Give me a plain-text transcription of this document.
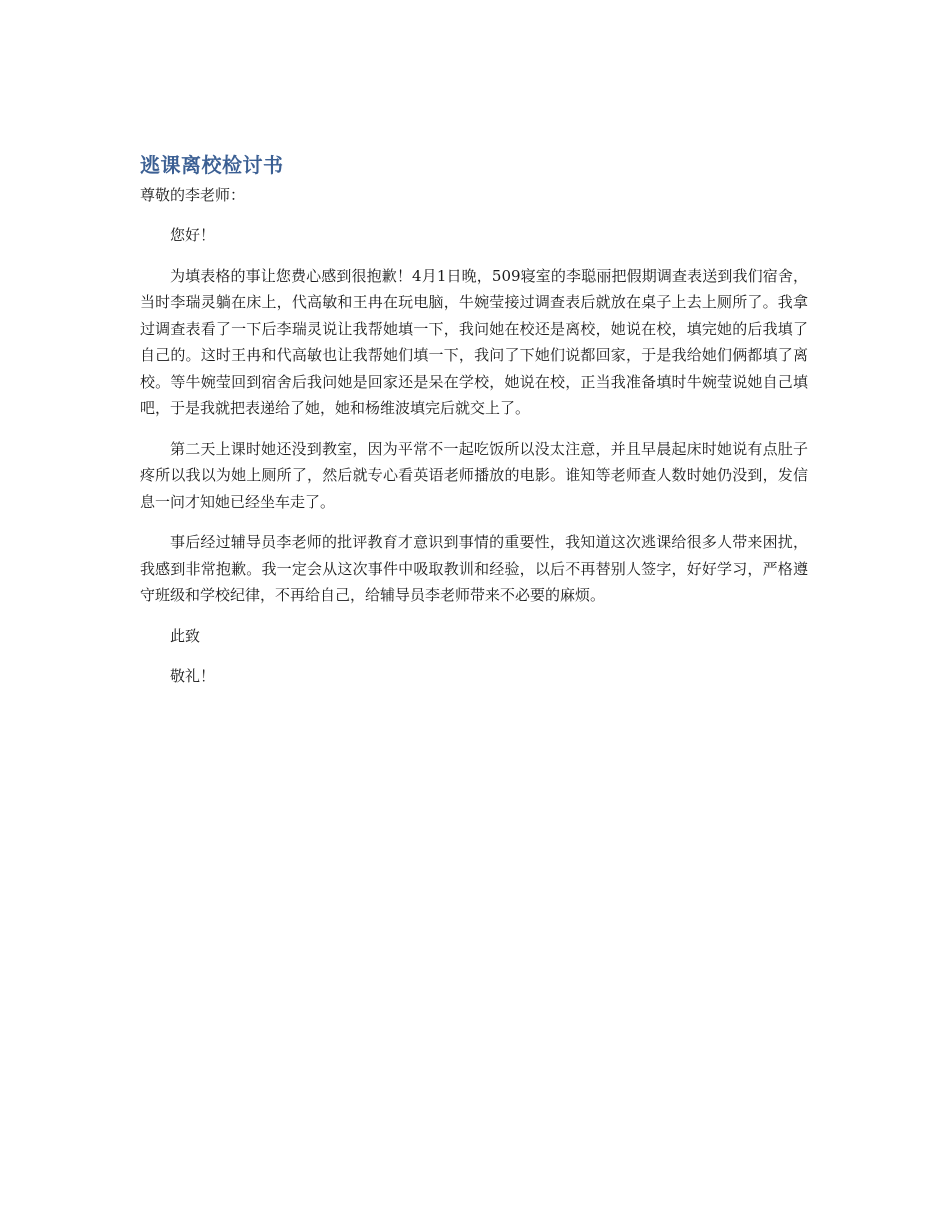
逃课离校检讨书

尊敬的李老师：

您好！

为填表格的事让您费心感到很抱歉！4月1日晚，509寝室的李聪丽把假期调查表送到我们宿舍，当时李瑞灵躺在床上，代高敏和王冉在玩电脑，牛婉莹接过调查表后就放在桌子上去上厕所了。我拿过调查表看了一下后李瑞灵说让我帮她填一下，我问她在校还是离校，她说在校，填完她的后我填了自己的。这时王冉和代高敏也让我帮她们填一下，我问了下她们说都回家，于是我给她们俩都填了离校。等牛婉莹回到宿舍后我问她是回家还是呆在学校，她说在校，正当我准备填时牛婉莹说她自己填吧，于是我就把表递给了她，她和杨维波填完后就交上了。

第二天上课时她还没到教室，因为平常不一起吃饭所以没太注意，并且早晨起床时她说有点肚子疼所以我以为她上厕所了，然后就专心看英语老师播放的电影。谁知等老师查人数时她仍没到，发信息一问才知她已经坐车走了。

事后经过辅导员李老师的批评教育才意识到事情的重要性，我知道这次逃课给很多人带来困扰，我感到非常抱歉。我一定会从这次事件中吸取教训和经验，以后不再替别人签字，好好学习，严格遵守班级和学校纪律，不再给自己，给辅导员李老师带来不必要的麻烦。

此致

敬礼！
